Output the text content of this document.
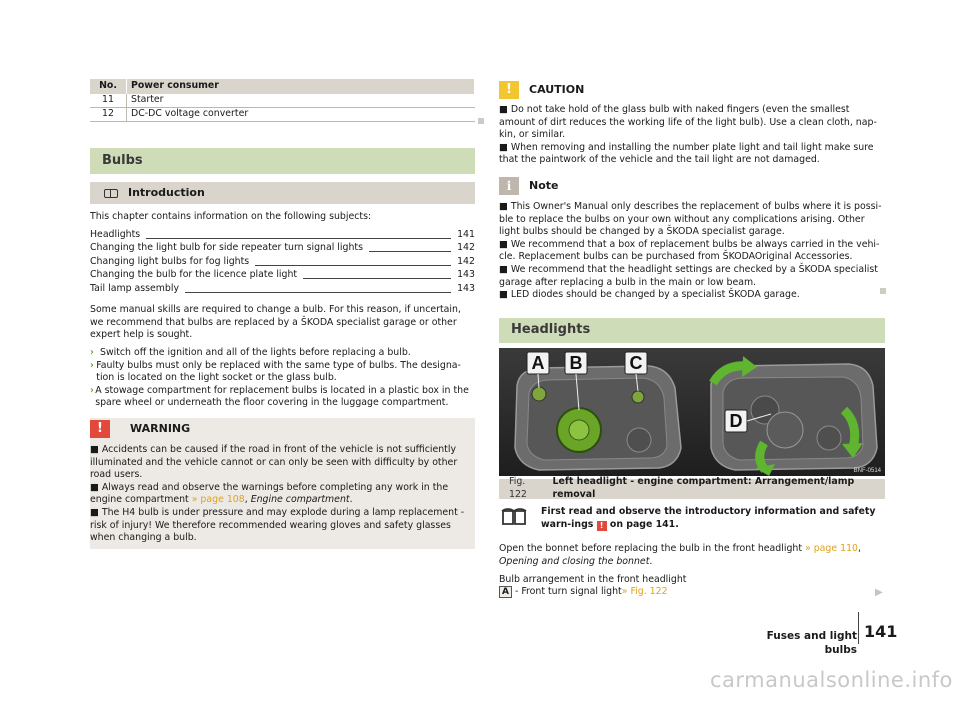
No.	Power consumer
11	Starter
12	DC-DC voltage converter
Bulbs
Introduction
This chapter contains information on the following subjects:
Headlights	141
Changing the light bulb for side repeater turn signal lights	142
Changing light bulbs for fog lights	142
Changing the bulb for the licence plate light	143
Tail lamp assembly	143
Some manual skills are required to change a bulb. For this reason, if uncertain, we recommend that bulbs are replaced by a ŠKODA specialist garage or other expert help is sought.
› Switch off the ignition and all of the lights before replacing a bulb.
› Faulty bulbs must only be replaced with the same type of bulbs. The designa-tion is located on the light socket or the glass bulb.
› A stowage compartment for replacement bulbs is located in a plastic box in the spare wheel or underneath the floor covering in the luggage compartment.
!	WARNING
■ Accidents can be caused if the road in front of the vehicle is not sufficiently illuminated and the vehicle cannot or can only be seen with difficulty by other road users.
■ Always read and observe the warnings before completing any work in the engine compartment » page 108, Engine compartment.
■ The H4 bulb is under pressure and may explode during a lamp replacement - risk of injury! We therefore recommended wearing gloves and safety glasses when changing a bulb.
!	CAUTION
■ Do not take hold of the glass bulb with naked fingers (even the smallest amount of dirt reduces the working life of the light bulb). Use a clean cloth, nap-kin, or similar.
■ When removing and installing the number plate light and tail light make sure that the paintwork of the vehicle and the tail light are not damaged.
i	Note
■ This Owner's Manual only describes the replacement of bulbs where it is possi-ble to replace the bulbs on your own without any complications arising. Other light bulbs should be changed by a ŠKODA specialist garage.
■ We recommend that a box of replacement bulbs be always carried in the vehi-cle. Replacement bulbs can be purchased from ŠKODAOriginal Accessories.
■ We recommend that the headlight settings are checked by a ŠKODA specialist garage after replacing a bulb in the main or low beam.
■ LED diodes should be changed by a specialist ŠKODA garage.
Headlights
A B	C
D
BNF-0514
Fig. 122
Left headlight - engine compartment: Arrangement/lamp removal
First read and observe the introductory information and safety warn-ings ! on page 141.
Open the bonnet before replacing the bulb in the front headlight » page 110,
Opening and closing the bonnet.
Bulb arrangement in the front headlight
A - Front turn signal light» Fig. 122	▶
Fuses and light bulbs
141
carmanualsonline.info
